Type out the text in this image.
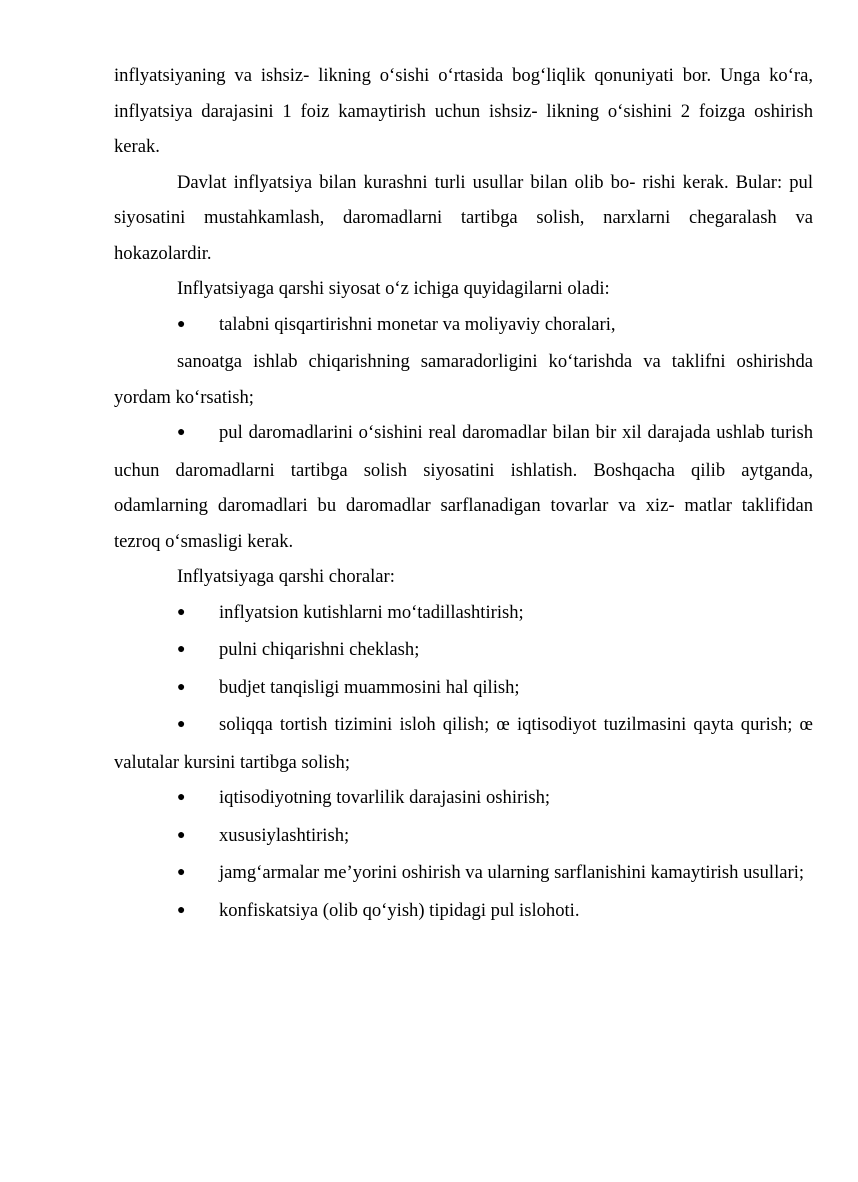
inflyatsiyaning va ishsiz- likning o‘sishi o‘rtasida bog‘liqlik qonuniyati bor. Unga ko‘ra, inflyatsiya darajasini 1 foiz kamaytirish uchun ishsiz- likning o‘sishini 2 foizga oshirish kerak.

Davlat inflyatsiya bilan kurashni turli usullar bilan olib bo- rishi kerak. Bular: pul siyosatini mustahkamlash, daromadlarni tartibga solish, narxlarni chegaralash va hokazolardir.

Inflyatsiyaga qarshi siyosat o‘z ichiga quyidagilarni oladi:

●talabni qisqartirishni monetar va moliyaviy choralari,

sanoatga ishlab chiqarishning samaradorligini ko‘tarishda va taklifni oshirishda yordam ko‘rsatish;

●pul daromadlarini o‘sishini real daromadlar bilan bir xil darajada ushlab turish uchun daromadlarni tartibga solish siyosatini ishlatish. Boshqacha qilib aytganda, odamlarning daromadlari bu daromadlar sarflanadigan tovarlar va xiz- matlar taklifidan tezroq o‘smasligi kerak.

Inflyatsiyaga qarshi choralar:

●inflyatsion kutishlarni mo‘tadillashtirish;

●pulni chiqarishni cheklash;

●budjet tanqisligi muammosini hal qilish;

●soliqqa tortish tizimini isloh qilish; œ iqtisodiyot tuzilmasini qayta qurish; œ valutalar kursini tartibga solish;

●iqtisodiyotning tovarlilik darajasini oshirish;

●xususiylashtirish;

●jamg‘armalar me’yorini oshirish va ularning sarflanishini kamaytirish usullari;

●konfiskatsiya (olib qo‘yish) tipidagi pul islohoti.
